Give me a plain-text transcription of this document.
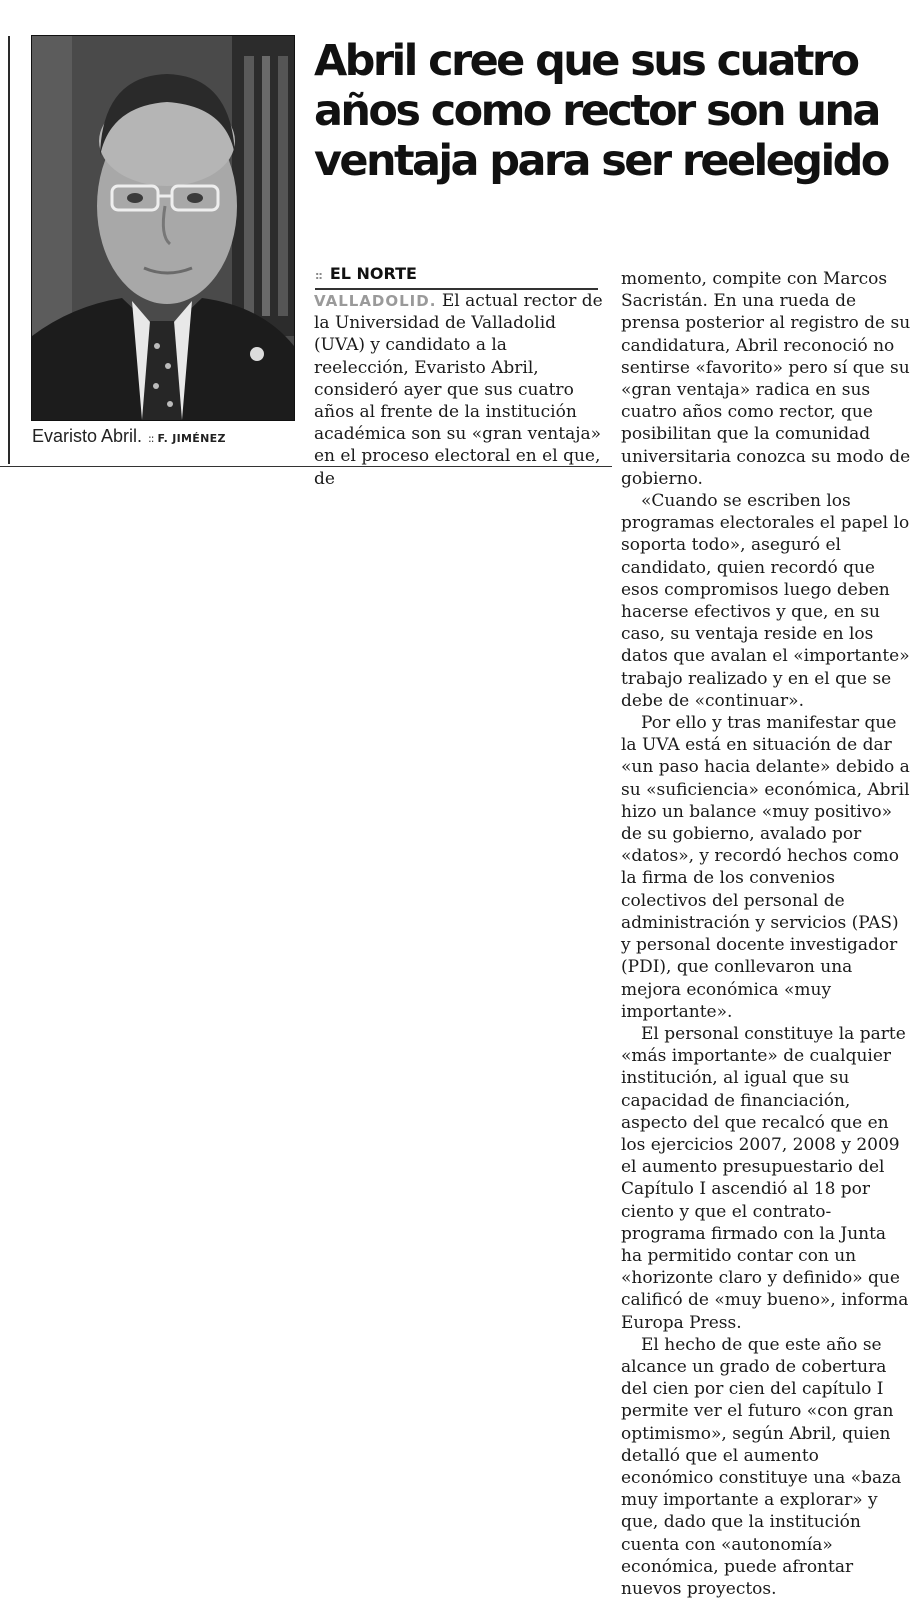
Evaristo Abril. :: F. JIMÉNEZ
Abril cree que sus cuatro
años como rector son una
ventaja para ser reelegido
:: EL NORTE

VALLADOLID. El actual rector de la Universidad de Valladolid (UVA) y candidato a la reelección, Evaristo Abril, consideró ayer que sus cuatro años al frente de la institución académica son su «gran ventaja» en el proceso electoral en el que, de

momento, compite con Marcos Sacristán. En una rueda de prensa posterior al registro de su candidatura, Abril reconoció no sentirse «favorito» pero sí que su «gran ventaja» radica en sus cuatro años como rector, que posibilitan que la comunidad universitaria conozca su modo de gobierno.

«Cuando se escriben los programas electorales el papel lo soporta todo», aseguró el candidato, quien recordó que esos compromisos luego deben hacerse efectivos y que, en su caso, su ventaja reside en los datos que avalan el «importante» trabajo realizado y en el que se debe de «continuar».

Por ello y tras manifestar que la UVA está en situación de dar «un paso hacia delante» debido a su «suficiencia» económica, Abril hizo un balance «muy positivo» de su gobierno, avalado por «datos», y recordó hechos como la firma de los convenios colectivos del personal de administración y servicios (PAS) y personal docente investigador (PDI), que conllevaron una mejora económica «muy importante».

El personal constituye la parte «más importante» de cualquier institución, al igual que su capacidad de financiación, aspecto del que recalcó que en los ejercicios 2007, 2008 y 2009 el aumento presupuestario del Capítulo I ascendió al 18 por ciento y que el contrato-programa firmado con la Junta ha permitido contar con un «horizonte claro y definido» que calificó de «muy bueno», informa Europa Press.

El hecho de que este año se alcance un grado de cobertura del cien por cien del capítulo I permite ver el futuro «con gran optimismo», según Abril, quien detalló que el aumento económico constituye una «baza muy importante a explorar» y que, dado que la institución cuenta con «autonomía» económica, puede afrontar nuevos proyectos.
